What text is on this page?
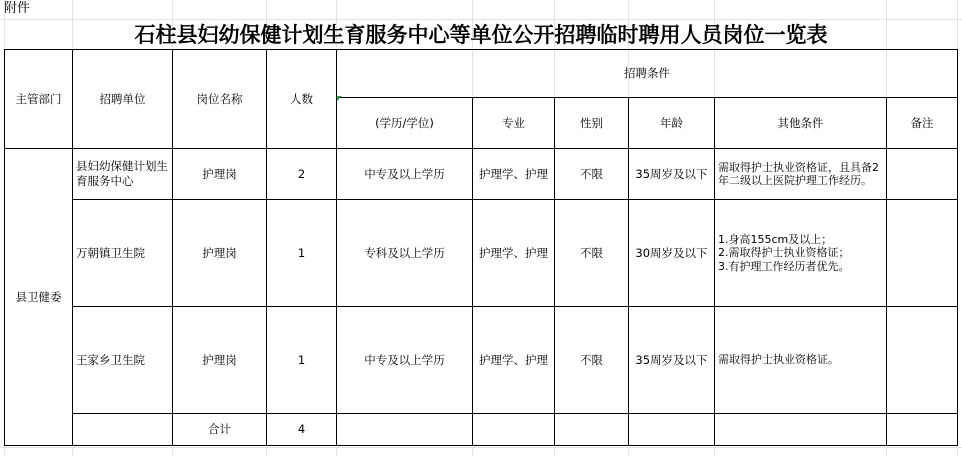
附件
石柱县妇幼保健计划生育服务中心等单位公开招聘临时聘用人员岗位一览表
主管部门	招聘单位	岗位名称	人数	招聘条件					
				(学历/学位)	专业	性别	年龄	其他条件	备注
县卫健委	县妇幼保健计划生育服务中心	护理岗	2	中专及以上学历	护理学、护理	不限	35周岁及以下	需取得护士执业资格证，且具备2年二级以上医院护理工作经历。	
	万朝镇卫生院	护理岗	1	专科及以上学历	护理学、护理	不限	30周岁及以下	1.身高155cm及以上；
2.需取得护士执业资格证；
3.有护理工作经历者优先。	

	王家乡卫生院	护理岗	1	中专及以上学历	护理学、护理	不限	35周岁及以下	需取得护士执业资格证。	
		合计	4						
